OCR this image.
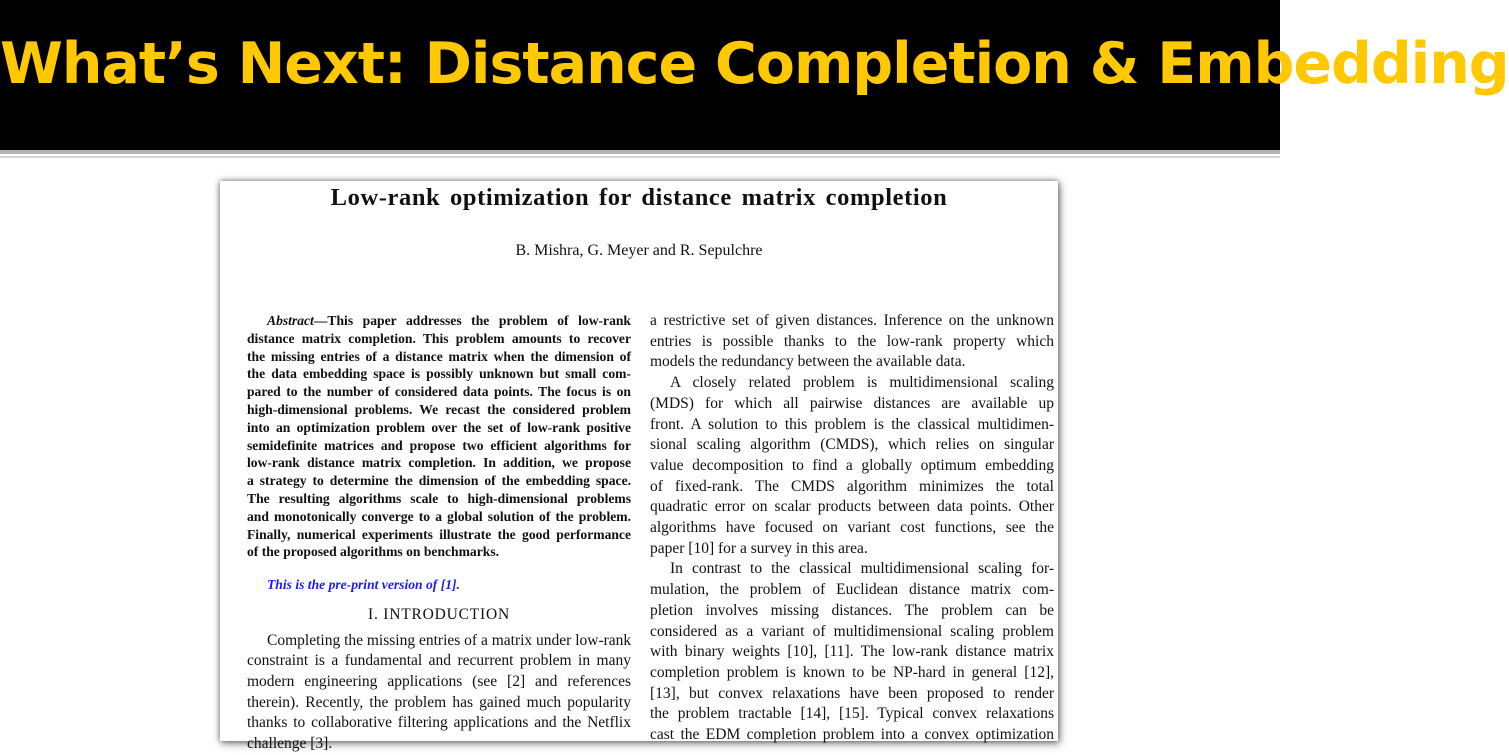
What’s Next: Distance Completion & Embedding
Low-rank optimization for distance matrix completion
B. Mishra, G. Meyer and R. Sepulchre
Abstract—This paper addresses the problem of low-rank
distance matrix completion. This problem amounts to recover
the missing entries of a distance matrix when the dimension of
the data embedding space is possibly unknown but small com-
pared to the number of considered data points. The focus is on
high-dimensional problems. We recast the considered problem
into an optimization problem over the set of low-rank positive
semidefinite matrices and propose two efficient algorithms for
low-rank distance matrix completion. In addition, we propose
a strategy to determine the dimension of the embedding space.
The resulting algorithms scale to high-dimensional problems
and monotonically converge to a global solution of the problem.
Finally, numerical experiments illustrate the good performance
of the proposed algorithms on benchmarks.
This is the pre-print version of [1].
I. INTRODUCTION
Completing the missing entries of a matrix under low-rank
constraint is a fundamental and recurrent problem in many
modern engineering applications (see [2] and references
therein). Recently, the problem has gained much popularity
thanks to collaborative filtering applications and the Netflix
challenge [3].
a restrictive set of given distances. Inference on the unknown
entries is possible thanks to the low-rank property which
models the redundancy between the available data.
A closely related problem is multidimensional scaling
(MDS) for which all pairwise distances are available up
front. A solution to this problem is the classical multidimen-
sional scaling algorithm (CMDS), which relies on singular
value decomposition to find a globally optimum embedding
of fixed-rank. The CMDS algorithm minimizes the total
quadratic error on scalar products between data points. Other
algorithms have focused on variant cost functions, see the
paper [10] for a survey in this area.
In contrast to the classical multidimensional scaling for-
mulation, the problem of Euclidean distance matrix com-
pletion involves missing distances. The problem can be
considered as a variant of multidimensional scaling problem
with binary weights [10], [11]. The low-rank distance matrix
completion problem is known to be NP-hard in general [12],
[13], but convex relaxations have been proposed to render
the problem tractable [14], [15]. Typical convex relaxations
cast the EDM completion problem into a convex optimization
